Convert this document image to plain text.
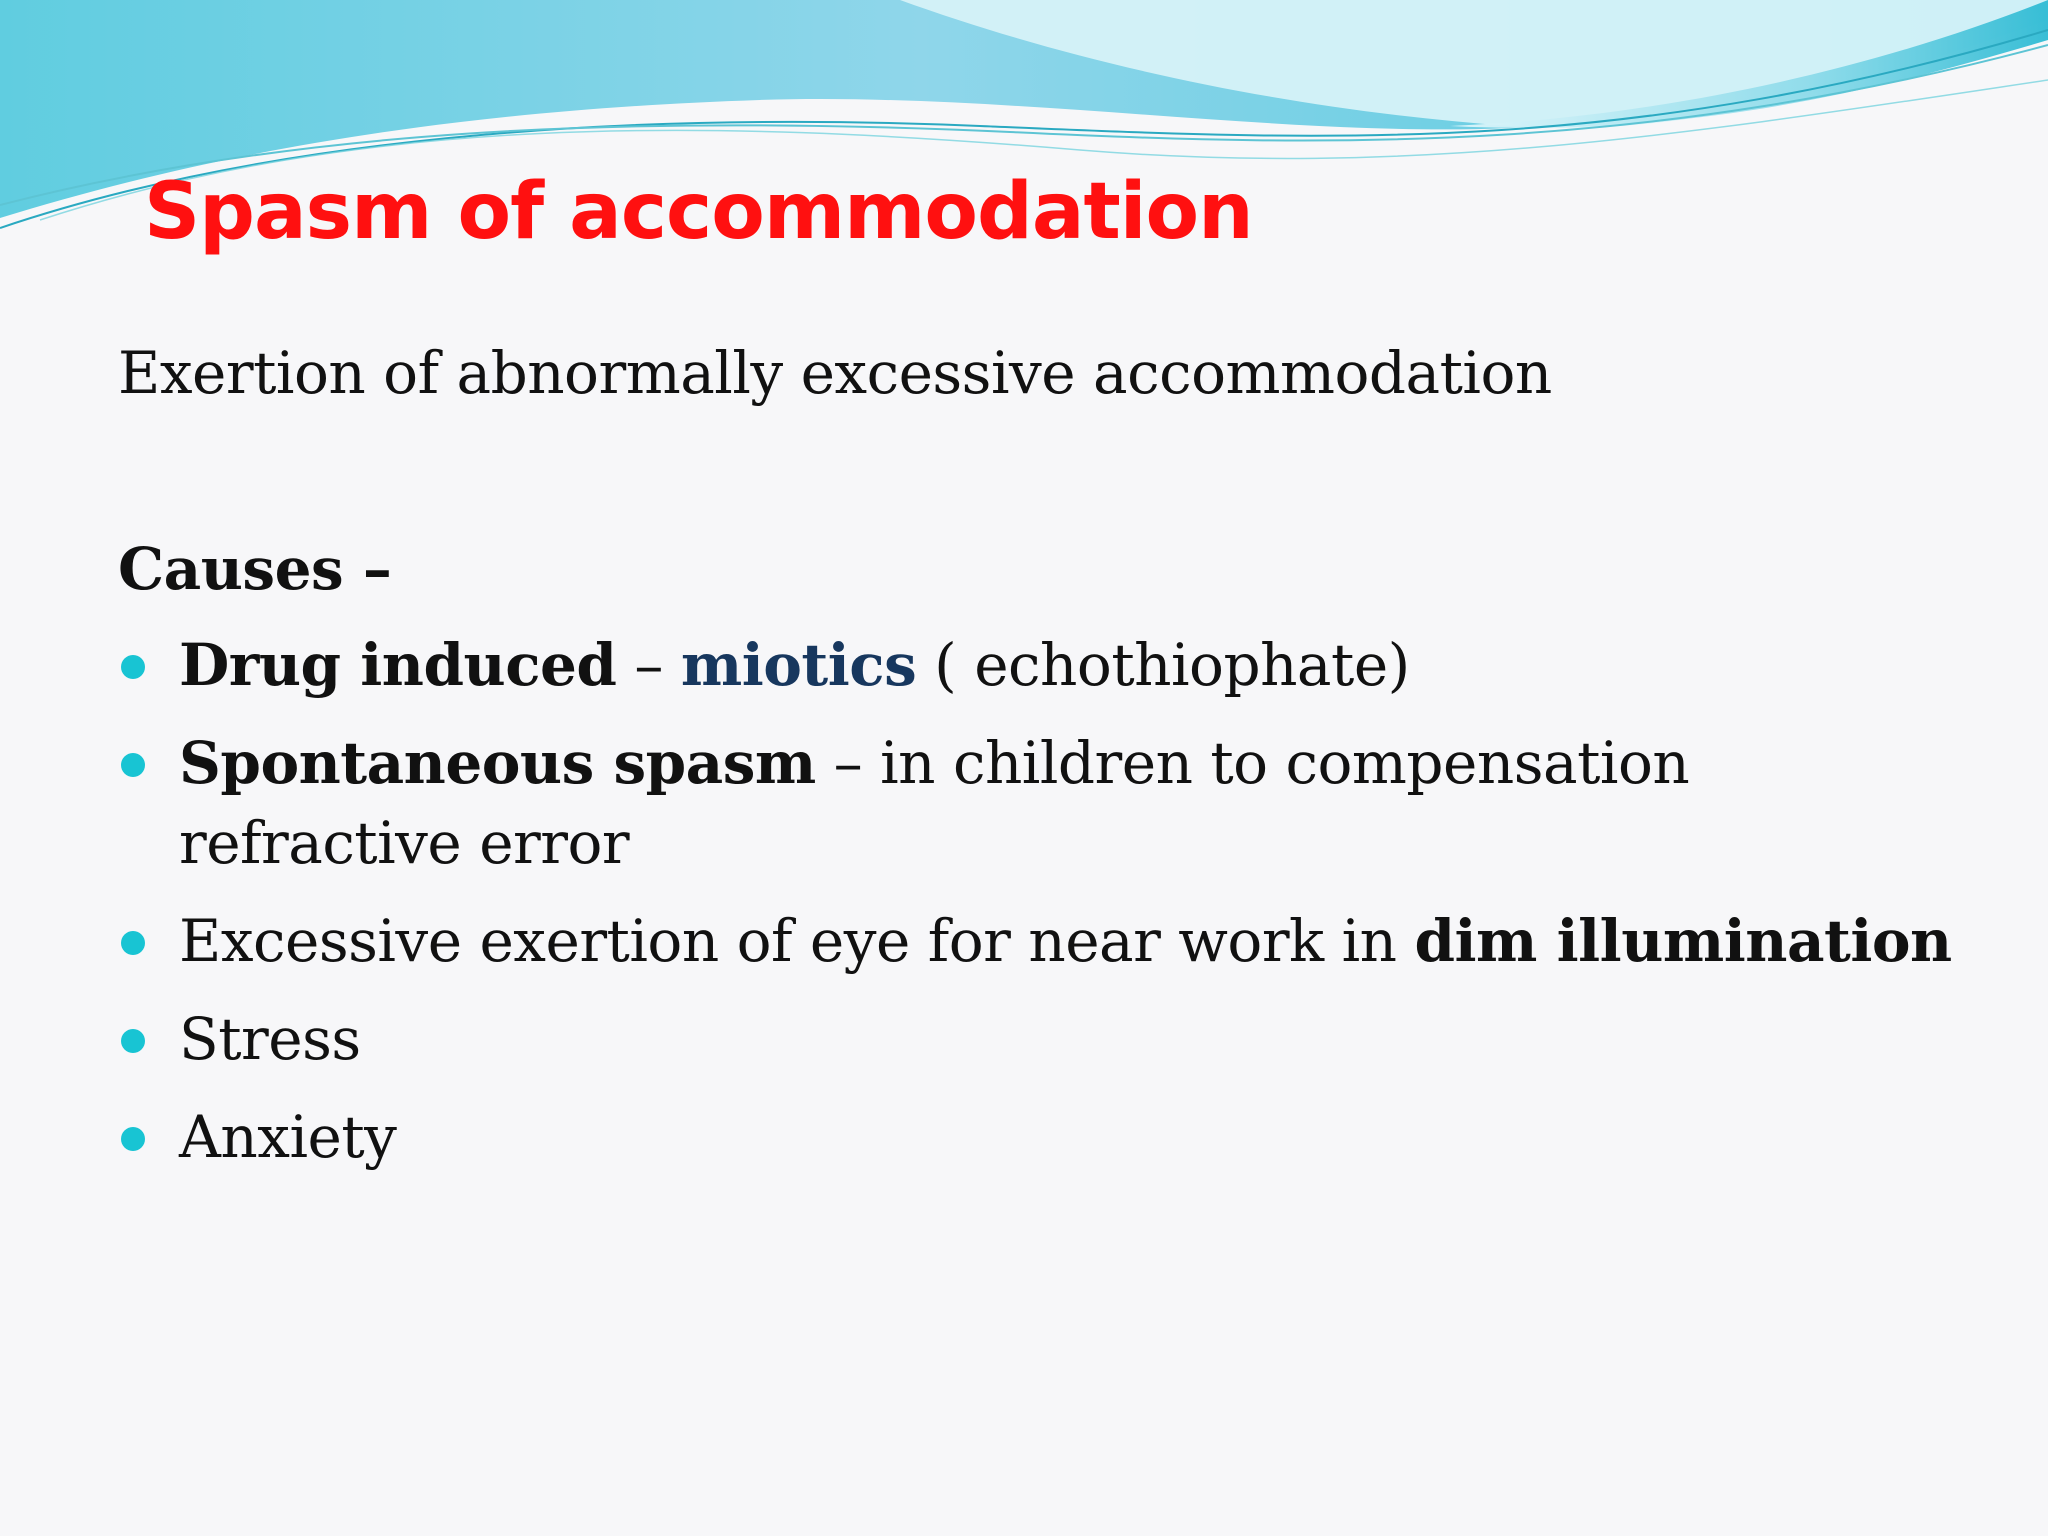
Spasm of accommodation

Exertion of abnormally excessive accommodation

Causes –

Drug induced – miotics ( echothiophate)
Spontaneous spasm – in children to compensation
refractive error
Excessive exertion of eye for near work in dim illumination
Stress
Anxiety
